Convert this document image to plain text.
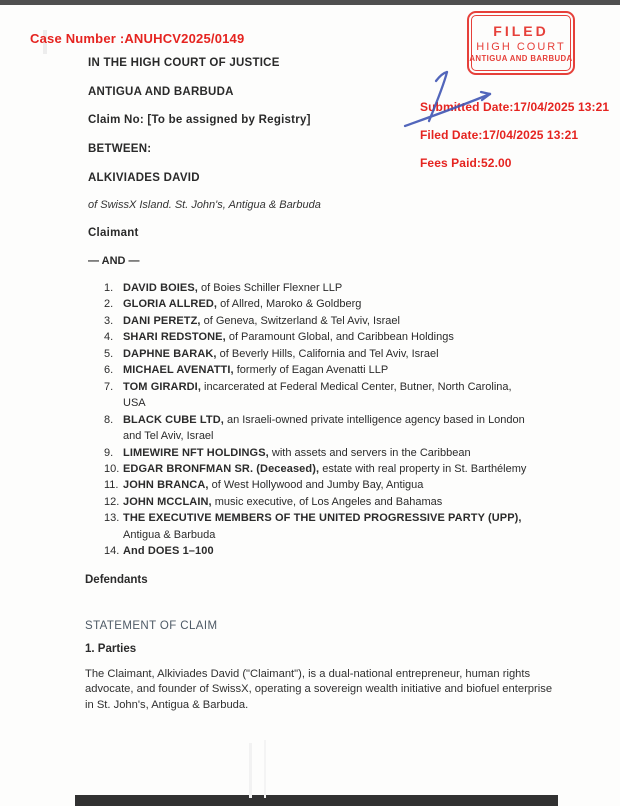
Case Number :ANUHCV2025/0149
IN THE HIGH COURT OF JUSTICE
ANTIGUA AND BARBUDA
Claim No: [To be assigned by Registry]
BETWEEN:
ALKIVIADES DAVID
of SwissX Island. St. John's, Antigua & Barbuda
Claimant
— AND —
FILED
HIGH COURT
ANTIGUA AND BARBUDA
Submitted Date:17/04/2025 13:21
Filed Date:17/04/2025 13:21
Fees Paid:52.00
1. DAVID BOIES, of Boies Schiller Flexner LLP
2. GLORIA ALLRED, of Allred, Maroko & Goldberg
3. DANI PERETZ, of Geneva, Switzerland & Tel Aviv, Israel
4. SHARI REDSTONE, of Paramount Global, and Caribbean Holdings
5. DAPHNE BARAK, of Beverly Hills, California and Tel Aviv, Israel
6. MICHAEL AVENATTI, formerly of Eagan Avenatti LLP
7. TOM GIRARDI, incarcerated at Federal Medical Center, Butner, North Carolina, USA
8. BLACK CUBE LTD, an Israeli-owned private intelligence agency based in London and Tel Aviv, Israel
9. LIMEWIRE NFT HOLDINGS, with assets and servers in the Caribbean
10. EDGAR BRONFMAN SR. (Deceased), estate with real property in St. Barthélemy
11. JOHN BRANCA, of West Hollywood and Jumby Bay, Antigua
12. JOHN MCCLAIN, music executive, of Los Angeles and Bahamas
13. THE EXECUTIVE MEMBERS OF THE UNITED PROGRESSIVE PARTY (UPP), Antigua & Barbuda
14. And DOES 1–100
Defendants
STATEMENT OF CLAIM
1. Parties
The Claimant, Alkiviades David ("Claimant"), is a dual-national entrepreneur, human rights advocate, and founder of SwissX, operating a sovereign wealth initiative and biofuel enterprise in St. John's, Antigua & Barbuda.
